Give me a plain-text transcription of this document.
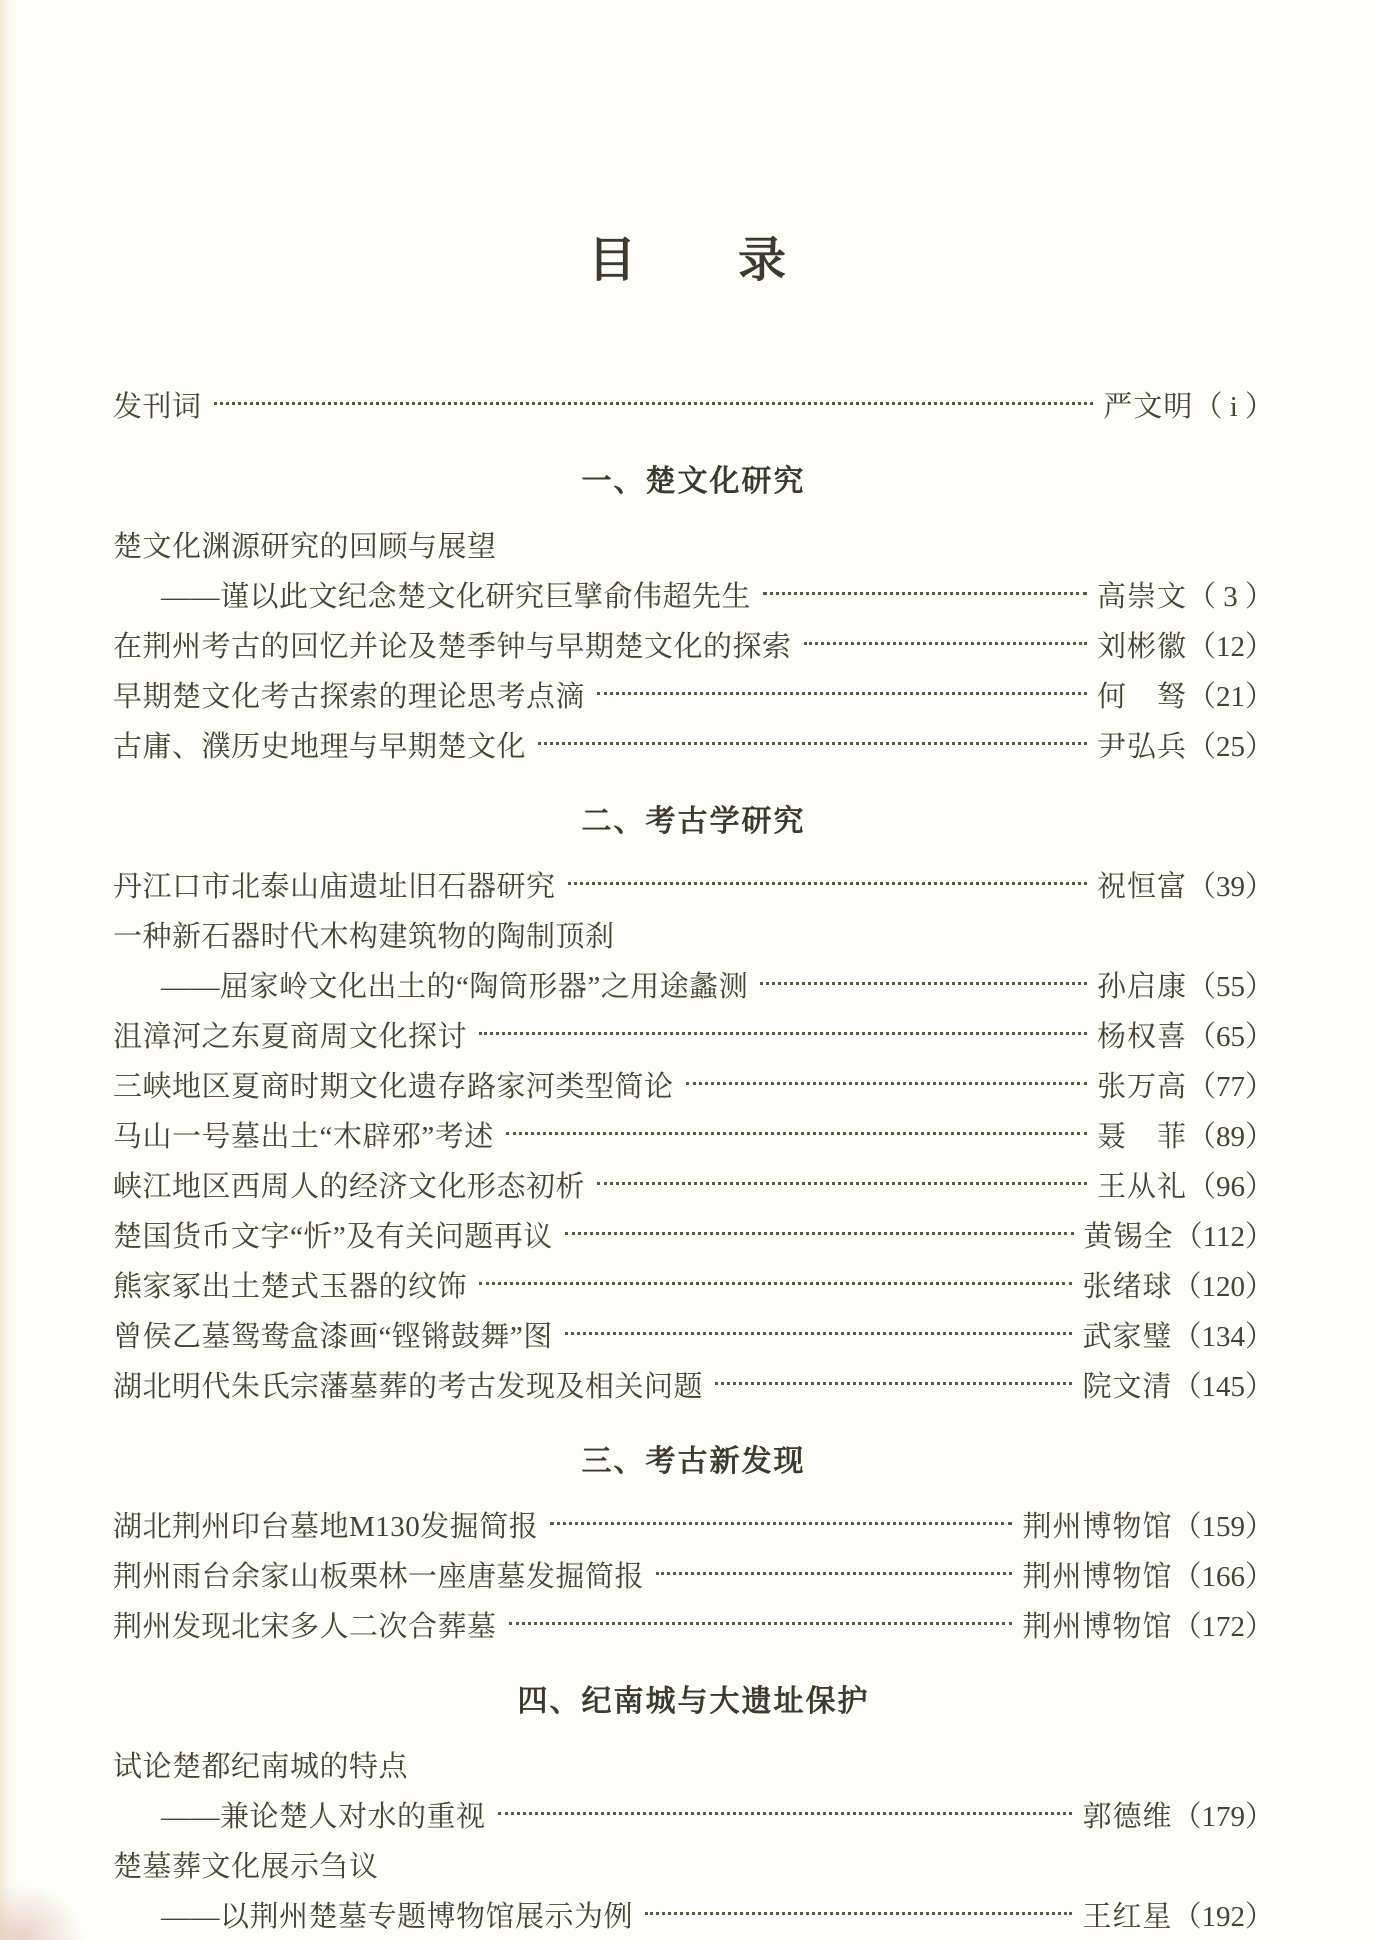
目　　录
发刊词	严文明（ i ）
一、楚文化研究
楚文化渊源研究的回顾与展望
——谨以此文纪念楚文化研究巨擘俞伟超先生	高崇文（ 3 ）
在荆州考古的回忆并论及楚季钟与早期楚文化的探索	刘彬徽（12）
早期楚文化考古探索的理论思考点滴	何　驽（21）
古庸、濮历史地理与早期楚文化	尹弘兵（25）
二、考古学研究
丹江口市北泰山庙遗址旧石器研究	祝恒富（39）
一种新石器时代木构建筑物的陶制顶刹
——屈家岭文化出土的“陶筒形器”之用途蠡测	孙启康（55）
沮漳河之东夏商周文化探讨	杨权喜（65）
三峡地区夏商时期文化遗存路家河类型简论	张万高（77）
马山一号墓出土“木辟邪”考述	聂　菲（89）
峡江地区西周人的经济文化形态初析	王从礼（96）
楚国货币文字“忻”及有关问题再议	黄锡全（112）
熊家冢出土楚式玉器的纹饰	张绪球（120）
曾侯乙墓鸳鸯盒漆画“铿锵鼓舞”图	武家璧（134）
湖北明代朱氏宗藩墓葬的考古发现及相关问题	院文清（145）
三、考古新发现
湖北荆州印台墓地M130发掘简报	荆州博物馆（159）
荆州雨台余家山板栗林一座唐墓发掘简报	荆州博物馆（166）
荆州发现北宋多人二次合葬墓	荆州博物馆（172）
四、纪南城与大遗址保护
试论楚都纪南城的特点
——兼论楚人对水的重视	郭德维（179）
楚墓葬文化展示刍议
——以荆州楚墓专题博物馆展示为例	王红星（192）
